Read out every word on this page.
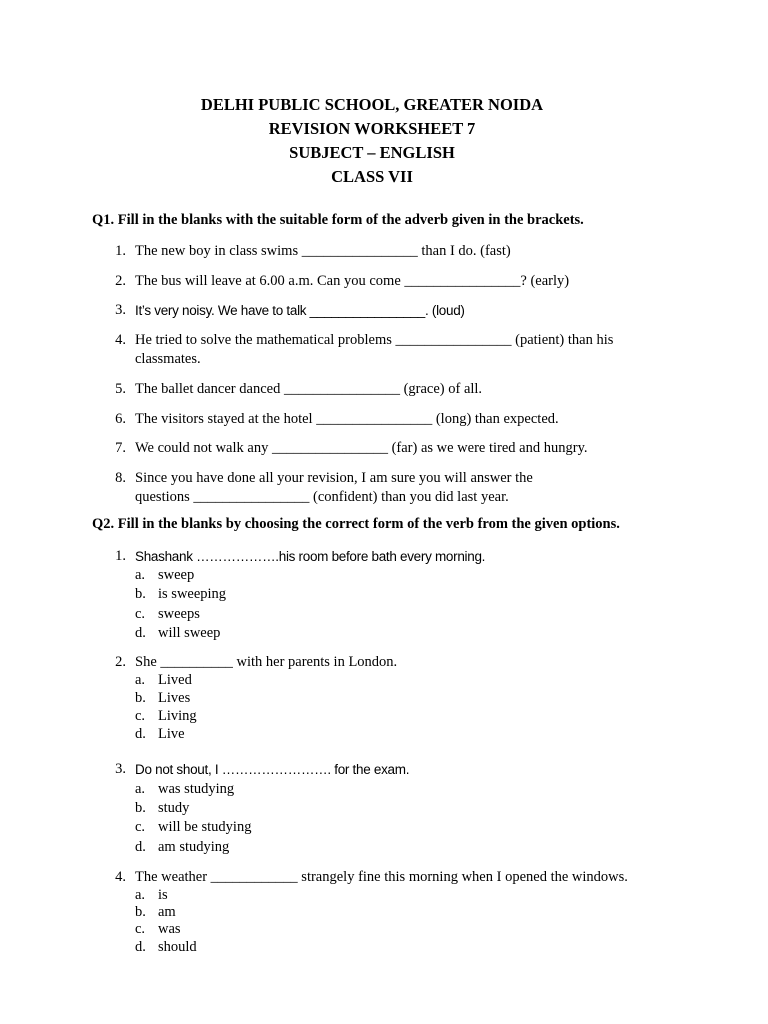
DELHI PUBLIC SCHOOL, GREATER NOIDA
REVISION WORKSHEET 7
SUBJECT – ENGLISH
CLASS VII
Q1. Fill in the blanks with the suitable form of the adverb given in the brackets.
1. The new boy in class swims ________________ than I do. (fast)
2. The bus will leave at 6.00 a.m. Can you come ________________? (early)
3. It’s very noisy. We have to talk ________________. (loud)
4. He tried to solve the mathematical problems ________________ (patient) than his
classmates.
5. The ballet dancer danced ________________ (grace) of all.
6. The visitors stayed at the hotel ________________ (long) than expected.
7. We could not walk any ________________ (far) as we were tired and hungry.
8. Since you have done all your revision, I am sure you will answer the
questions ________________ (confident) than you did last year.
Q2. Fill in the blanks by choosing the correct form of the verb from the given options.
1. Shashank ……………….his room before bath every morning.
a. sweep
b. is sweeping
c. sweeps
d. will sweep
2. She __________ with her parents in London.
a. Lived
b. Lives
c. Living
d. Live
3. Do not shout, I ……………………. for the exam.
a. was studying
b. study
c. will be studying
d. am studying
4. The weather ____________ strangely fine this morning when I opened the windows.
a. is
b. am
c. was
d. should
